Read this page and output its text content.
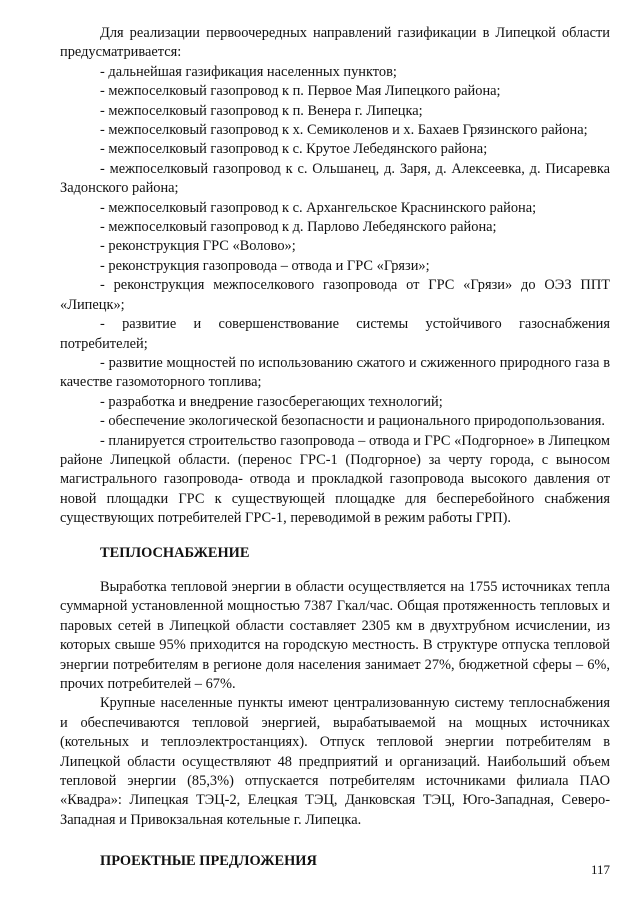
Для реализации первоочередных направлений газификации в Липецкой области предусматривается:

- дальнейшая газификация населенных пунктов;

- межпоселковый газопровод к п. Первое Мая Липецкого района;

- межпоселковый газопровод к п. Венера г. Липецка;

- межпоселковый газопровод к х. Семиколенов и х. Бахаев Грязинского района;

- межпоселковый газопровод к с. Крутое Лебедянского района;

- межпоселковый газопровод к с. Ольшанец, д. Заря, д. Алексеевка, д. Писаревка Задонского района;

- межпоселковый газопровод к с. Архангельское Краснинского района;

- межпоселковый газопровод к д. Парлово Лебедянского района;

- реконструкция ГРС «Волово»;

- реконструкция газопровода – отвода и ГРС «Грязи»;

- реконструкция межпоселкового газопровода от ГРС «Грязи» до ОЭЗ ППТ «Липецк»;

- развитие и совершенствование системы устойчивого газоснабжения потребителей;

- развитие мощностей по использованию сжатого и сжиженного природного газа в качестве газомоторного топлива;

- разработка и внедрение газосберегающих технологий;

- обеспечение экологической безопасности и рационального природопользования.

- планируется строительство газопровода – отвода и ГРС «Подгорное» в Липецком районе Липецкой области. (перенос ГРС-1 (Подгорное) за черту города, с выносом магистрального газопровода- отвода и прокладкой газопровода высокого давления от новой площадки ГРС к существующей площадке для бесперебойного снабжения существующих потребителей ГРС-1, переводимой в режим работы ГРП).

ТЕПЛОСНАБЖЕНИЕ

Выработка тепловой энергии в области осуществляется на 1755 источниках тепла суммарной установленной мощностью 7387 Гкал/час. Общая протяженность тепловых и паровых сетей в Липецкой области составляет 2305 км в двухтрубном исчислении, из которых свыше 95% приходится на городскую местность. В структуре отпуска тепловой энергии потребителям в регионе доля населения занимает 27%, бюджетной сферы – 6%, прочих потребителей – 67%.

Крупные населенные пункты имеют централизованную систему теплоснабжения и обеспечиваются тепловой энергией, вырабатываемой на мощных источниках (котельных и теплоэлектростанциях). Отпуск тепловой энергии потребителям в Липецкой области осуществляют 48 предприятий и организаций. Наибольший объем тепловой энергии (85,3%) отпускается потребителям источниками филиала ПАО «Квадра»: Липецкая ТЭЦ-2, Елецкая ТЭЦ, Данковская ТЭЦ, Юго-Западная, Северо-Западная и Привокзальная котельные г. Липецка.

ПРОЕКТНЫЕ ПРЕДЛОЖЕНИЯ

117
